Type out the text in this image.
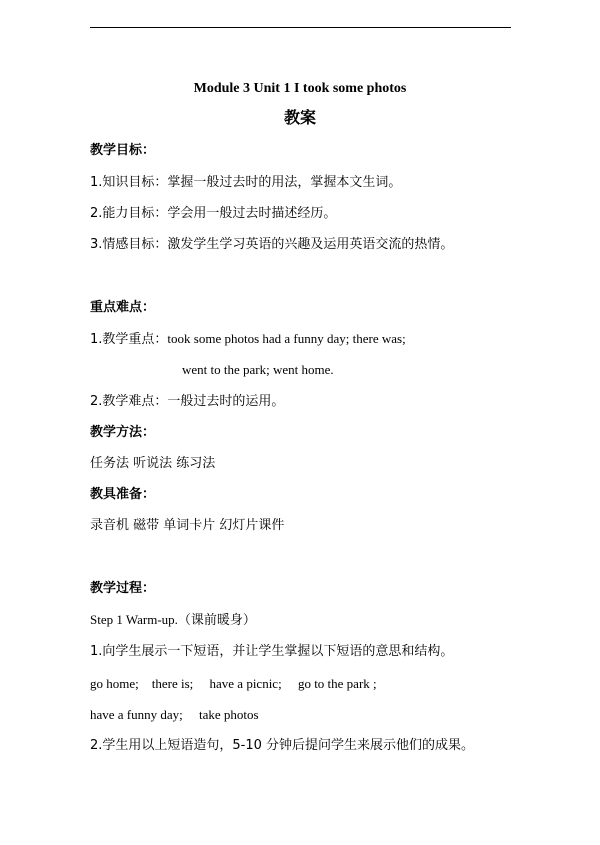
Module 3 Unit 1 I took some photos
教案
教学目标：
1.知识目标：掌握一般过去时的用法，掌握本文生词。
2.能力目标：学会用一般过去时描述经历。
3.情感目标：激发学生学习英语的兴趣及运用英语交流的热情。
重点难点：
1.教学重点：took some photos had a funny day; there was;
went to the park; went home.
2.教学难点：一般过去时的运用。
教学方法：
任务法 听说法 练习法
教具准备：
录音机 磁带 单词卡片 幻灯片课件
教学过程：
Step 1 Warm-up.（课前暖身）
1.向学生展示一下短语，并让学生掌握以下短语的意思和结构。
go home;    there is;     have a picnic;     go to the park ;
have a funny day;     take photos
2.学生用以上短语造句，5-10 分钟后提问学生来展示他们的成果。
